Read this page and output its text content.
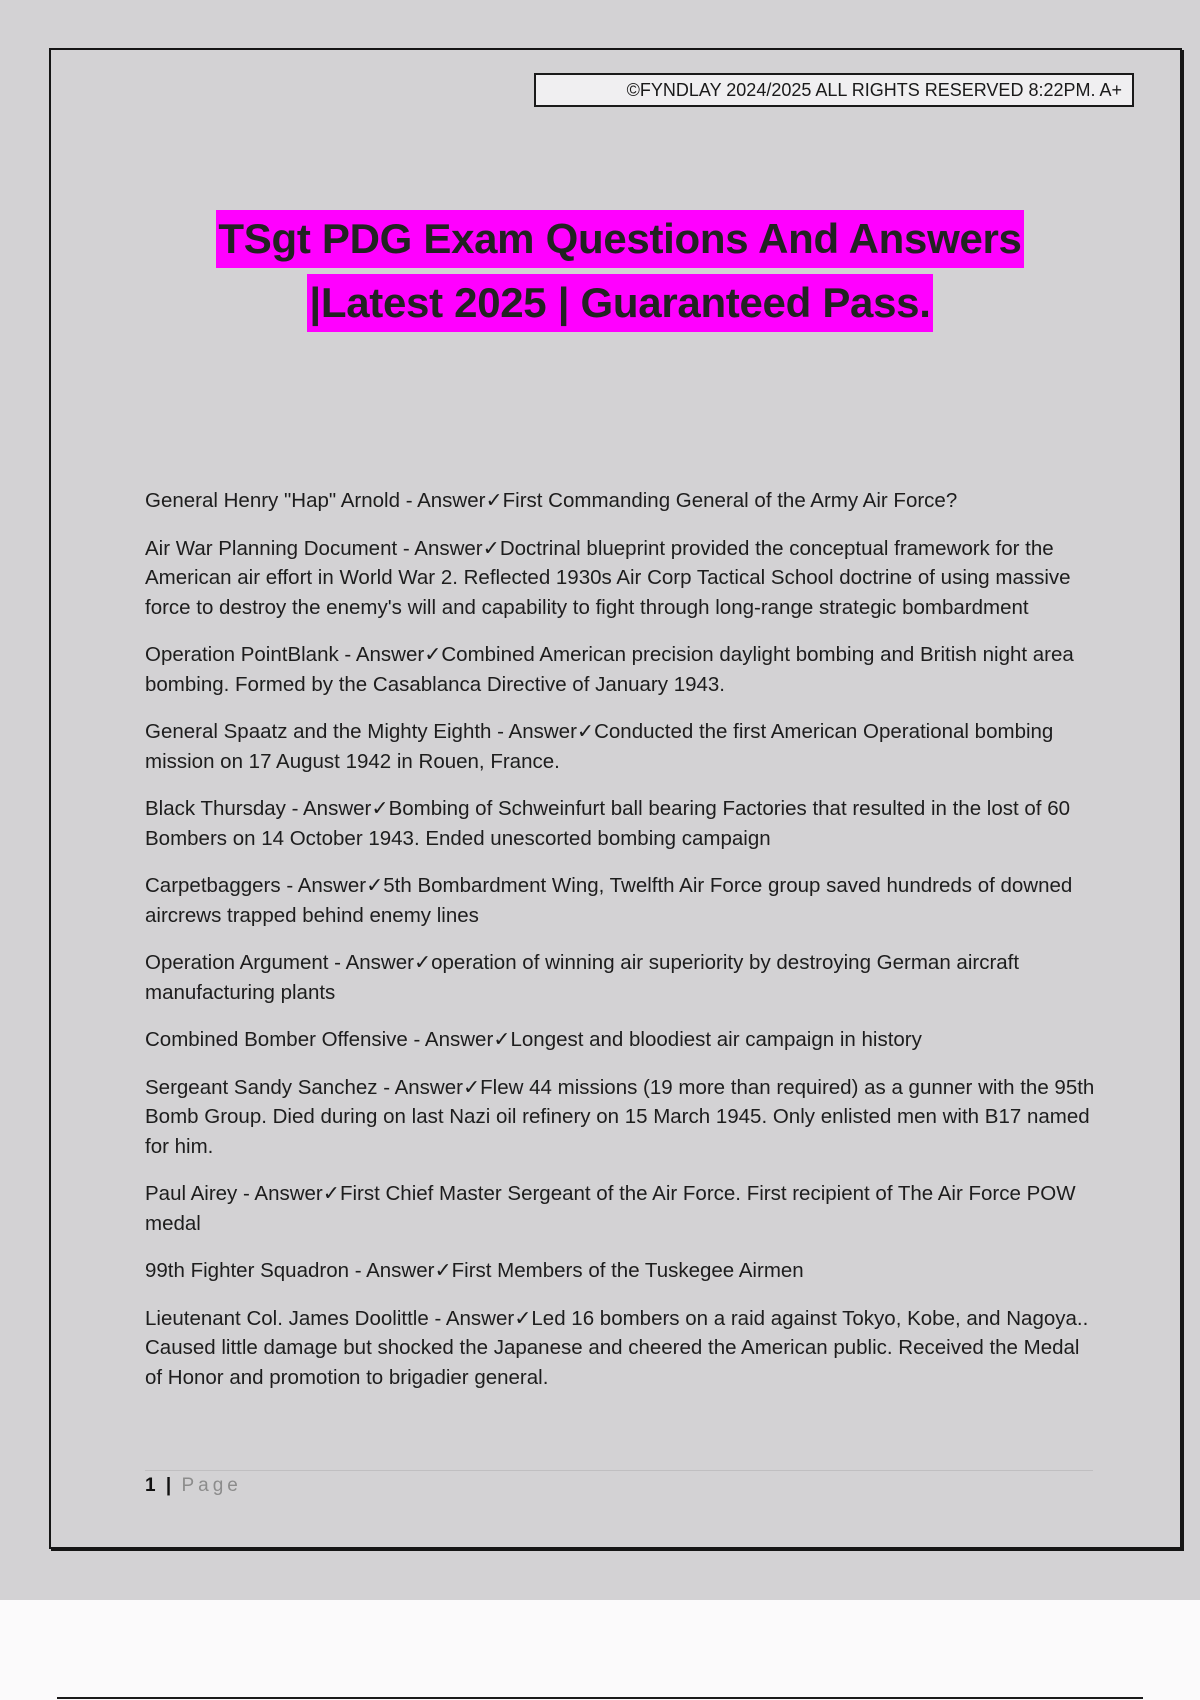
©FYNDLAY 2024/2025 ALL RIGHTS RESERVED 8:22PM. A+
TSgt PDG Exam Questions And Answers
|Latest 2025 | Guaranteed Pass.
General Henry "Hap" Arnold - Answer✓First Commanding General of the Army Air Force?
Air War Planning Document - Answer✓Doctrinal blueprint provided the conceptual framework for the American air effort in World War 2. Reflected 1930s Air Corp Tactical School doctrine of using massive force to destroy the enemy's will and capability to fight through long-range strategic bombardment
Operation PointBlank - Answer✓Combined American precision daylight bombing and British night area bombing. Formed by the Casablanca Directive of January 1943.
General Spaatz and the Mighty Eighth - Answer✓Conducted the first American Operational bombing mission on 17 August 1942 in Rouen, France.
Black Thursday - Answer✓Bombing of Schweinfurt ball bearing Factories that resulted in the lost of 60 Bombers on 14 October 1943. Ended unescorted bombing campaign
Carpetbaggers - Answer✓5th Bombardment Wing, Twelfth Air Force group saved hundreds of downed aircrews trapped behind enemy lines
Operation Argument - Answer✓operation of winning air superiority by destroying German aircraft manufacturing plants
Combined Bomber Offensive - Answer✓Longest and bloodiest air campaign in history
Sergeant Sandy Sanchez - Answer✓Flew 44 missions (19 more than required) as a gunner with the 95th Bomb Group. Died during on last Nazi oil refinery on 15 March 1945. Only enlisted men with B17 named for him.
Paul Airey - Answer✓First Chief Master Sergeant of the Air Force. First recipient of The Air Force POW medal
99th Fighter Squadron - Answer✓First Members of the Tuskegee Airmen
Lieutenant Col. James Doolittle - Answer✓Led 16 bombers on a raid against Tokyo, Kobe, and Nagoya.. Caused little damage but shocked the Japanese and cheered the American public. Received the Medal of Honor and promotion to brigadier general.
1 | Page
